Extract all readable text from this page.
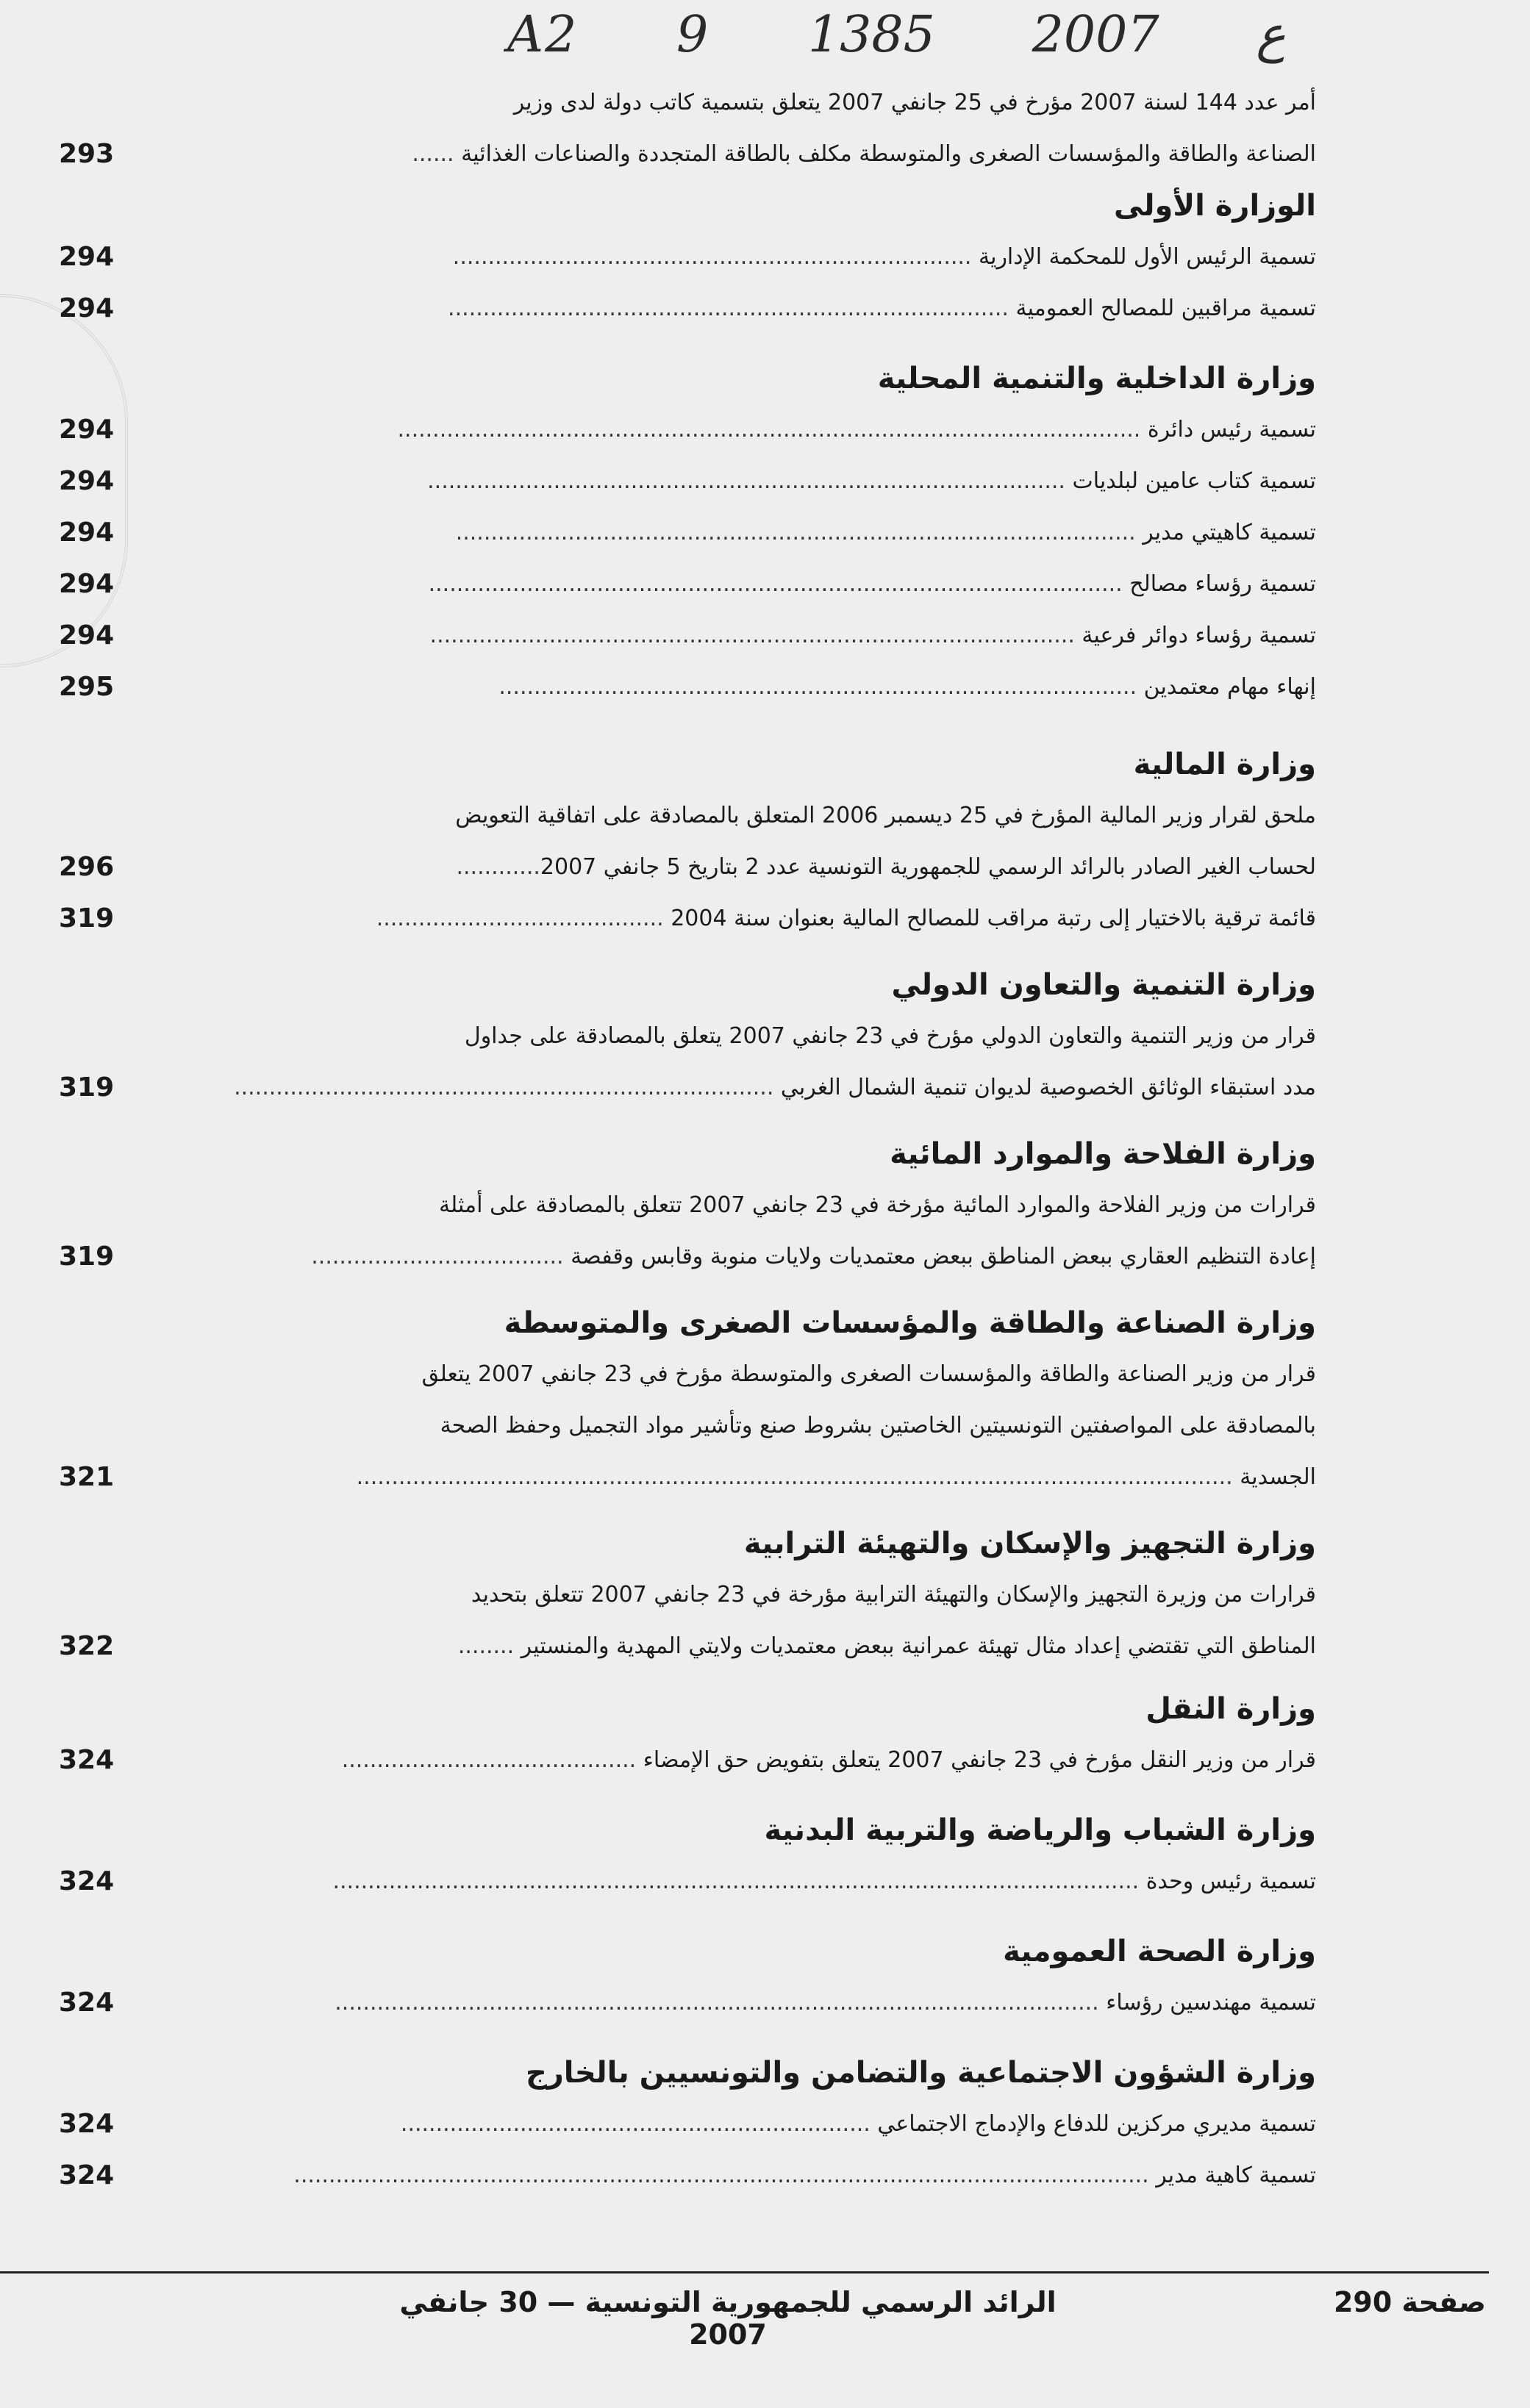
A2 9	ع 2007 1385
أمر عدد 144 لسنة 2007 مؤرخ في 25 جانفي 2007 يتعلق بتسمية كاتب دولة لدى وزير
الصناعة والطاقة والمؤسسات الصغرى والمتوسطة مكلف بالطاقة المتجددة والصناعات الغذائية ......
293
الوزارة الأولى
تسمية الرئيس الأول للمحكمة الإدارية ..........................................................................
294
تسمية مراقبين للمصالح العمومية ................................................................................
294
وزارة الداخلية والتنمية المحلية
تسمية رئيس دائرة ..........................................................................................................
294
تسمية كتاب عامين لبلديات ...........................................................................................
294
تسمية كاهيتي مدير .................................................................................................
294
تسمية رؤساء مصالح ...................................................................................................
294
تسمية رؤساء دوائر فرعية ............................................................................................
294
إنهاء مهام معتمدين ...........................................................................................
295
وزارة المالية
ملحق لقرار وزير المالية المؤرخ في 25 ديسمبر 2006 المتعلق بالمصادقة على اتفاقية التعويض
لحساب الغير الصادر بالرائد الرسمي للجمهورية التونسية عدد 2 بتاريخ 5 جانفي 2007............
296
قائمة ترقية بالاختيار إلى رتبة مراقب للمصالح المالية بعنوان سنة 2004 .........................................
319
وزارة التنمية والتعاون الدولي
قرار من وزير التنمية والتعاون الدولي مؤرخ في 23 جانفي 2007 يتعلق بالمصادقة على جداول
مدد استبقاء الوثائق الخصوصية لديوان تنمية الشمال الغربي .............................................................................
319
وزارة الفلاحة والموارد المائية
قرارات من وزير الفلاحة والموارد المائية مؤرخة في 23 جانفي 2007 تتعلق بالمصادقة على أمثلة
إعادة التنظيم العقاري ببعض المناطق ببعض معتمديات ولايات منوبة وقابس وقفصة ....................................
319
وزارة الصناعة والطاقة والمؤسسات الصغرى والمتوسطة
قرار من وزير الصناعة والطاقة والمؤسسات الصغرى والمتوسطة مؤرخ في 23 جانفي 2007 يتعلق
بالمصادقة على المواصفتين التونسيتين الخاصتين بشروط صنع وتأشير مواد التجميل وحفظ الصحة
الجسدية .............................................................................................................................
321
وزارة التجهيز والإسكان والتهيئة الترابية
قرارات من وزيرة التجهيز والإسكان والتهيئة الترابية مؤرخة في 23 جانفي 2007 تتعلق بتحديد
المناطق التي تقتضي إعداد مثال تهيئة عمرانية ببعض معتمديات ولايتي المهدية والمنستير ........
322
وزارة النقل
قرار من وزير النقل مؤرخ في 23 جانفي 2007 يتعلق بتفويض حق الإمضاء ..........................................
324
وزارة الشباب والرياضة والتربية البدنية
تسمية رئيس وحدة ...................................................................................................................
324
وزارة الصحة العمومية
تسمية مهندسين رؤساء .............................................................................................................
324
وزارة الشؤون الاجتماعية والتضامن والتونسيين بالخارج
تسمية مديري مركزين للدفاع والإدماج الاجتماعي ...................................................................
324
تسمية كاهية مدير ..........................................................................................................................
324
صفحة 290
الرائد الرسمي للجمهورية التونسية — 30 جانفي 2007
